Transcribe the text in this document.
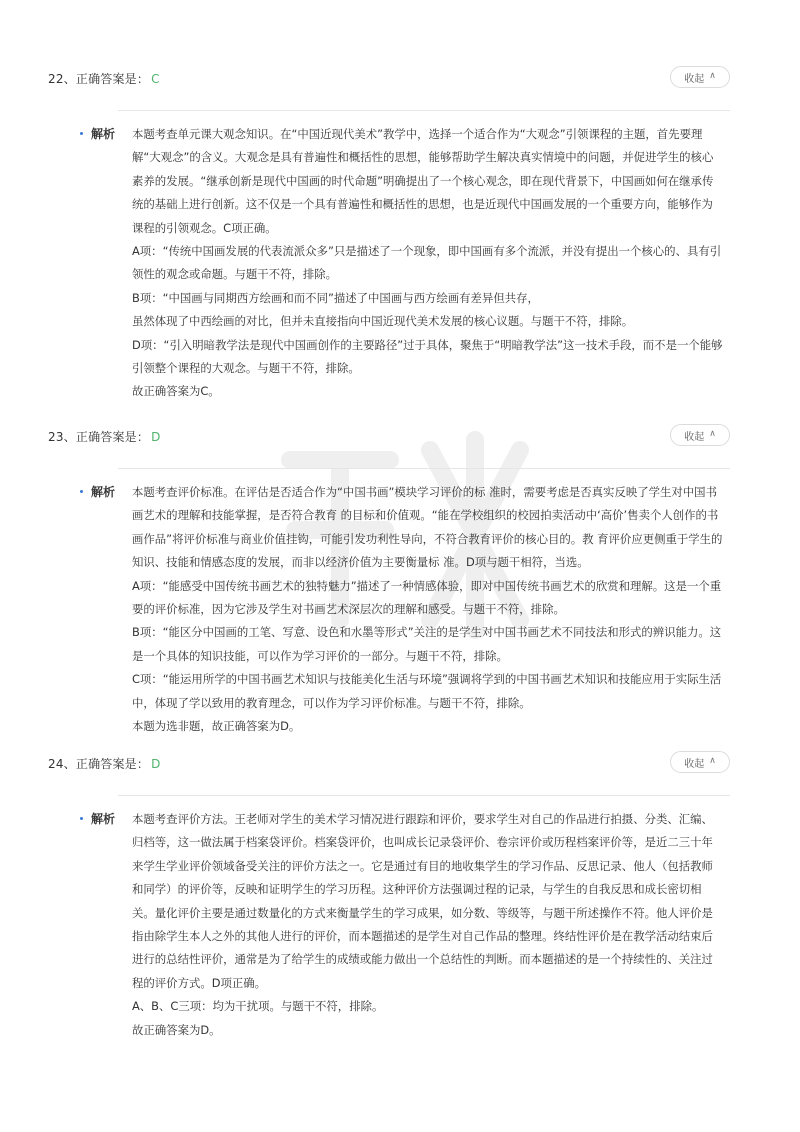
22、正确答案是： C	收起 ∧
解析 本题考查单元课大观念知识。在“中国近现代美术”教学中，选择一个适合作为“大观念”引领课程的主题，首先要理解“大观念”的含义。大观念是具有普遍性和概括性的思想，能够帮助学生解决真实情境中的问题，并促进学生的核心素养的发展。“继承创新是现代中国画的时代命题”明确提出了一个核心观念，即在现代背景下，中国画如何在继承传统的基础上进行创新。这不仅是一个具有普遍性和概括性的思想，也是近现代中国画发展的一个重要方向，能够作为课程的引领观念。C项正确。

A项：“传统中国画发展的代表流派众多”只是描述了一个现象，即中国画有多个流派，并没有提出一个核心的、具有引领性的观念或命题。与题干不符，排除。

B项：“中国画与同期西方绘画和而不同”描述了中国画与西方绘画有差异但共存，

虽然体现了中西绘画的对比，但并未直接指向中国近现代美术发展的核心议题。与题干不符，排除。

D项：“引入明暗教学法是现代中国画创作的主要路径”过于具体，聚焦于“明暗教学法”这一技术手段，而不是一个能够引领整个课程的大观念。与题干不符，排除。

故正确答案为C。

23、正确答案是： D	收起 ∧
解析 本题考查评价标准。在评估是否适合作为“中国书画”模块学习评价的标 准时，需要考虑是否真实反映了学生对中国书画艺术的理解和技能掌握，是否符合教育 的目标和价值观。“能在学校组织的校园拍卖活动中‘高价’售卖个人创作的书画作品”将评价标准与商业价值挂钩，可能引发功利性导向，不符合教育评价的核心目的。教 育评价应更侧重于学生的知识、技能和情感态度的发展，而非以经济价值为主要衡量标 准。D项与题干相符，当选。

A项：“能感受中国传统书画艺术的独特魅力”描述了一种情感体验，即对中国传统书画艺术的欣赏和理解。这是一个重要的评价标准，因为它涉及学生对书画艺术深层次的理解和感受。与题干不符，排除。

B项：“能区分中国画的工笔、写意、设色和水墨等形式”关注的是学生对中国书画艺术不同技法和形式的辨识能力。这是一个具体的知识技能，可以作为学习评价的一部分。与题干不符，排除。

C项：“能运用所学的中国书画艺术知识与技能美化生活与环境”强调将学到的中国书画艺术知识和技能应用于实际生活中，体现了学以致用的教育理念，可以作为学习评价标准。与题干不符，排除。

本题为选非题，故正确答案为D。

24、正确答案是： D	收起 ∧
解析 本题考查评价方法。王老师对学生的美术学习情况进行跟踪和评价，要求学生对自己的作品进行拍摄、分类、汇编、归档等，这一做法属于档案袋评价。档案袋评价，也叫成长记录袋评价、卷宗评价或历程档案评价等，是近二三十年来学生学业评价领域备受关注的评价方法之一。它是通过有目的地收集学生的学习作品、反思记录、他人（包括教师和同学）的评价等，反映和证明学生的学习历程。这种评价方法强调过程的记录，与学生的自我反思和成长密切相关。量化评价主要是通过数量化的方式来衡量学生的学习成果，如分数、等级等，与题干所述操作不符。他人评价是指由除学生本人之外的其他人进行的评价，而本题描述的是学生对自己作品的整理。终结性评价是在教学活动结束后进行的总结性评价，通常是为了给学生的成绩或能力做出一个总结性的判断。而本题描述的是一个持续性的、关注过程的评价方式。D项正确。

A、B、C三项：均为干扰项。与题干不符，排除。

故正确答案为D。
